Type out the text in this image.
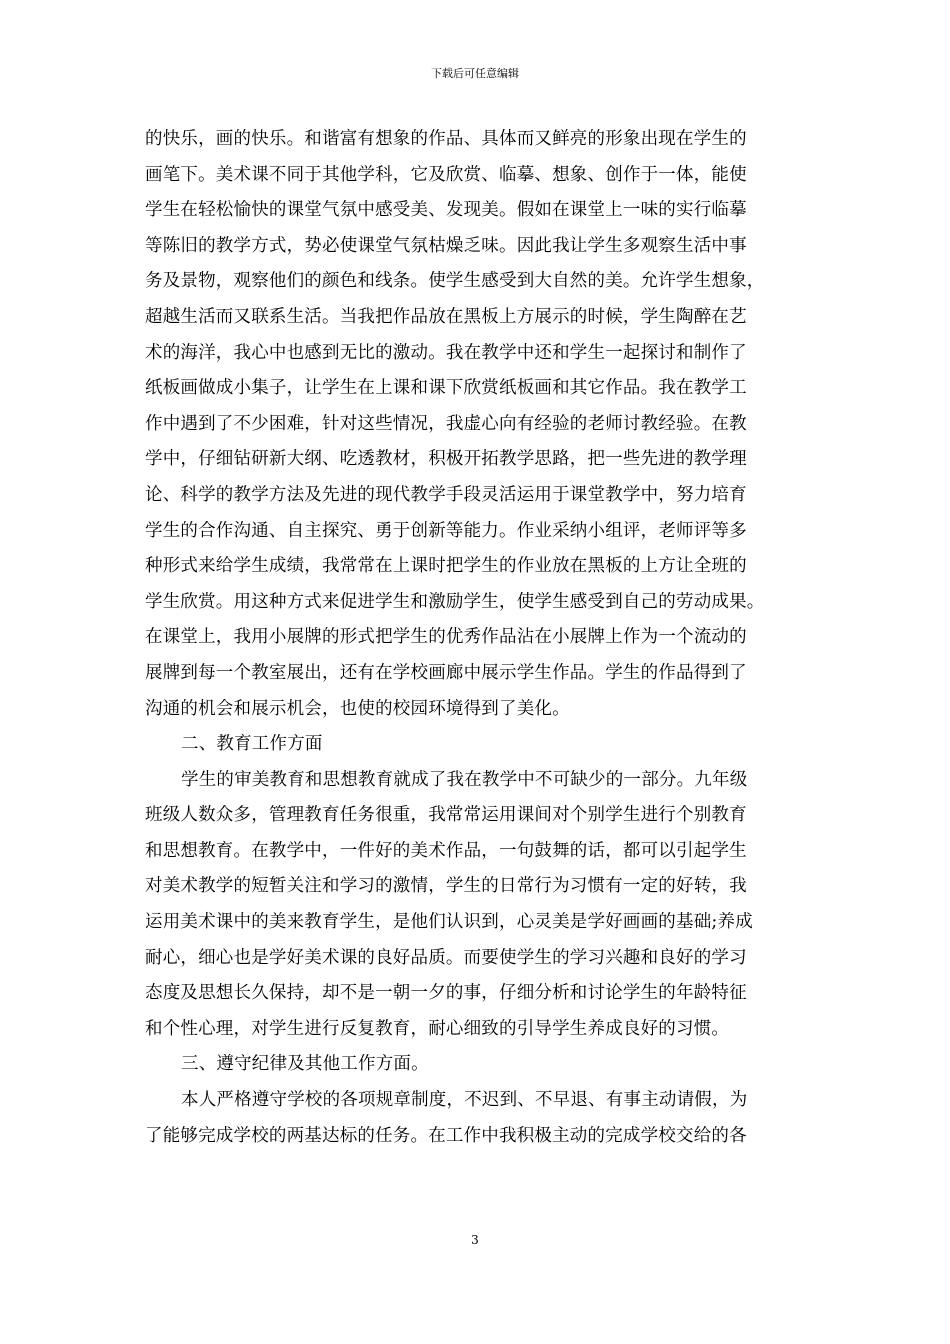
下载后可任意编辑
的快乐，画的快乐。和谐富有想象的作品、具体而又鲜亮的形象出现在学生的
画笔下。美术课不同于其他学科，它及欣赏、临摹、想象、创作于一体，能使
学生在轻松愉快的课堂气氛中感受美、发现美。假如在课堂上一味的实行临摹
等陈旧的教学方式，势必使课堂气氛枯燥乏味。因此我让学生多观察生活中事
务及景物，观察他们的颜色和线条。使学生感受到大自然的美。允许学生想象，
超越生活而又联系生活。当我把作品放在黑板上方展示的时候，学生陶醉在艺
术的海洋，我心中也感到无比的激动。我在教学中还和学生一起探讨和制作了
纸板画做成小集子，让学生在上课和课下欣赏纸板画和其它作品。我在教学工
作中遇到了不少困难，针对这些情况，我虚心向有经验的老师讨教经验。在教
学中，仔细钻研新大纲、吃透教材，积极开拓教学思路，把一些先进的教学理
论、科学的教学方法及先进的现代教学手段灵活运用于课堂教学中，努力培育
学生的合作沟通、自主探究、勇于创新等能力。作业采纳小组评，老师评等多
种形式来给学生成绩，我常常在上课时把学生的作业放在黑板的上方让全班的
学生欣赏。用这种方式来促进学生和激励学生，使学生感受到自己的劳动成果。
在课堂上，我用小展牌的形式把学生的优秀作品沾在小展牌上作为一个流动的
展牌到每一个教室展出，还有在学校画廊中展示学生作品。学生的作品得到了
沟通的机会和展示机会，也使的校园环境得到了美化。
二、教育工作方面
学生的审美教育和思想教育就成了我在教学中不可缺少的一部分。九年级
班级人数众多，管理教育任务很重，我常常运用课间对个别学生进行个别教育
和思想教育。在教学中，一件好的美术作品，一句鼓舞的话，都可以引起学生
对美术教学的短暂关注和学习的激情，学生的日常行为习惯有一定的好转，我
运用美术课中的美来教育学生，是他们认识到，心灵美是学好画画的基础;养成
耐心，细心也是学好美术课的良好品质。而要使学生的学习兴趣和良好的学习
态度及思想长久保持，却不是一朝一夕的事，仔细分析和讨论学生的年龄特征
和个性心理，对学生进行反复教育，耐心细致的引导学生养成良好的习惯。
三、遵守纪律及其他工作方面。
本人严格遵守学校的各项规章制度，不迟到、不早退、有事主动请假，为
了能够完成学校的两基达标的任务。在工作中我积极主动的完成学校交给的各
3
